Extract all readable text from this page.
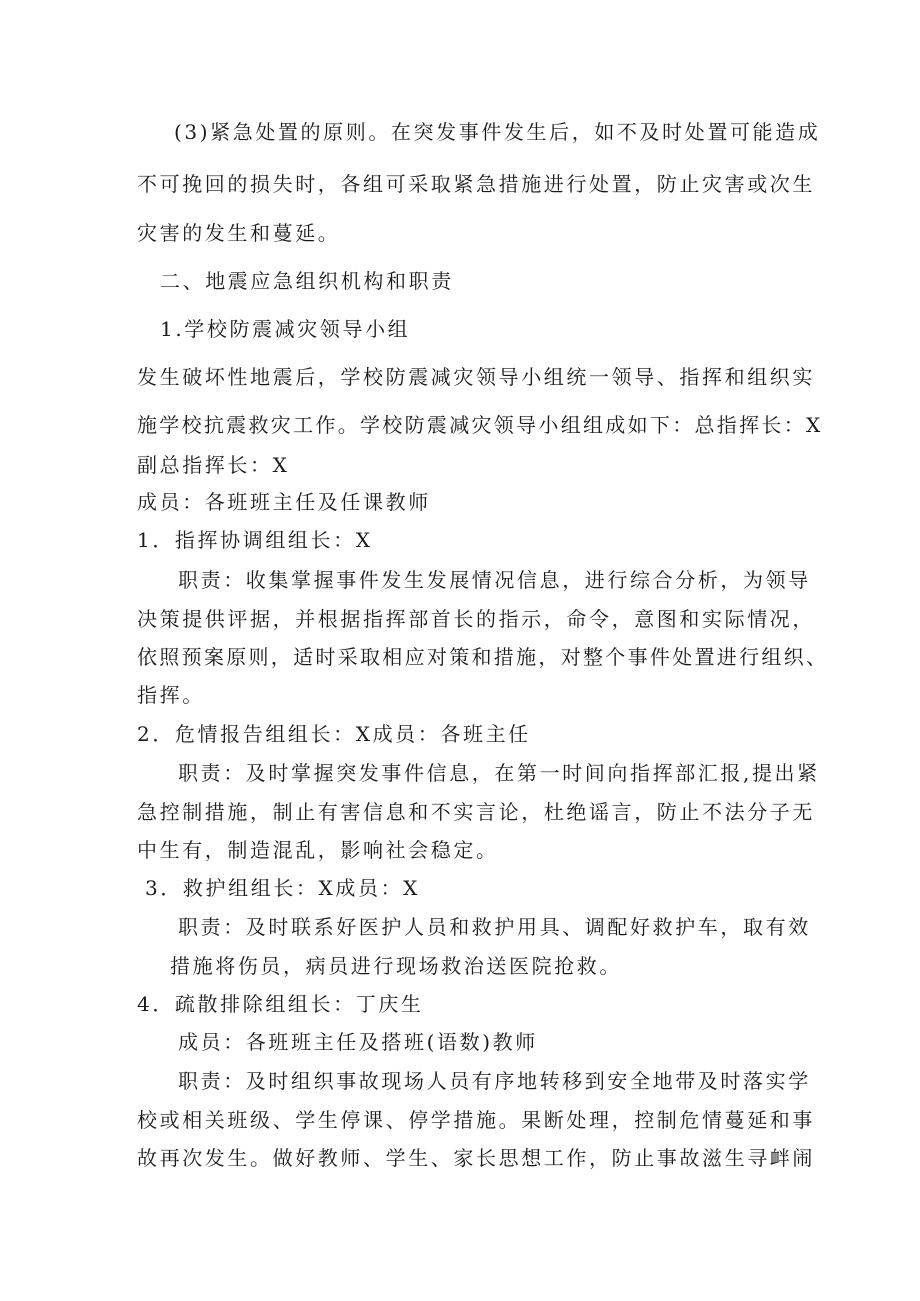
(3)紧急处置的原则。在突发事件发生后，如不及时处置可能造成
不可挽回的损失时，各组可采取紧急措施进行处置，防止灾害或次生
灾害的发生和蔓延。
二、地震应急组织机构和职责
1.学校防震减灾领导小组
发生破坏性地震后，学校防震减灾领导小组统一领导、指挥和组织实
施学校抗震救灾工作。学校防震减灾领导小组组成如下：总指挥长：X
副总指挥长：X
成员：各班班主任及任课教师
1．指挥协调组组长：X
职责：收集掌握事件发生发展情况信息，进行综合分析，为领导
决策提供评据，并根据指挥部首长的指示，命令，意图和实际情况，
依照预案原则，适时采取相应对策和措施，对整个事件处置进行组织、
指挥。
2．危情报告组组长：X成员：各班主任
职责：及时掌握突发事件信息，在第一时间向指挥部汇报,提出紧
急控制措施，制止有害信息和不实言论，杜绝谣言，防止不法分子无
中生有，制造混乱，影响社会稳定。
3．救护组组长：X成员：X
职责：及时联系好医护人员和救护用具、调配好救护车，取有效
措施将伤员，病员进行现场救治送医院抢救。
4．疏散排除组组长：丁庆生
成员：各班班主任及搭班(语数)教师
职责：及时组织事故现场人员有序地转移到安全地带及时落实学
校或相关班级、学生停课、停学措施。果断处理，控制危情蔓延和事
故再次发生。做好教师、学生、家长思想工作，防止事故滋生寻衅闹
